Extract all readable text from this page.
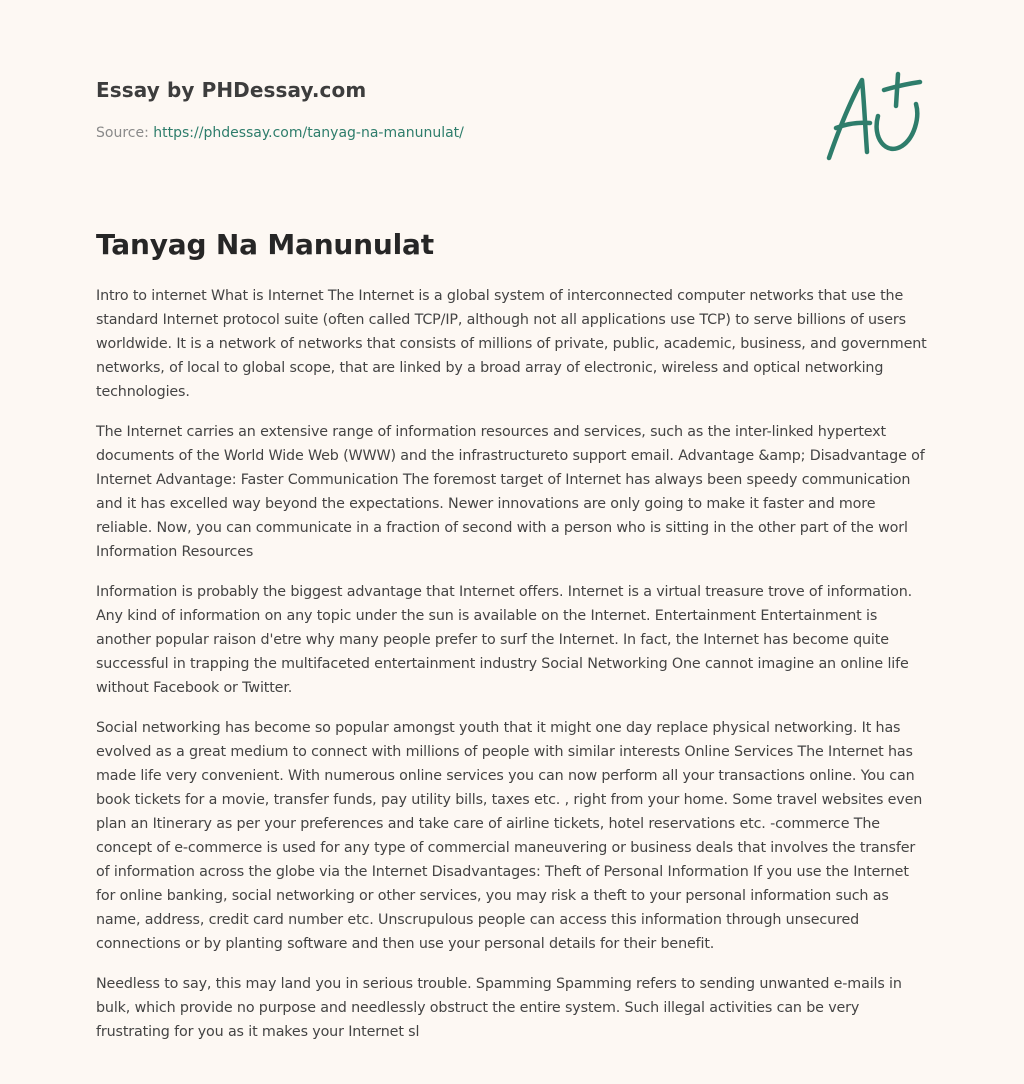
Essay by PHDessay.com
Source: https://phdessay.com/tanyag-na-manunulat/
Tanyag Na Manunulat

Intro to internet What is Internet The Internet is a global system of interconnected computer networks that use the standard Internet protocol suite (often called TCP/IP, although not all applications use TCP) to serve billions of users worldwide. It is a network of networks that consists of millions of private, public, academic, business, and government networks, of local to global scope, that are linked by a broad array of electronic, wireless and optical networking technologies.

The Internet carries an extensive range of information resources and services, such as the inter-linked hypertext documents of the World Wide Web (WWW) and the infrastructureto support email. Advantage &amp; Disadvantage of Internet Advantage: Faster Communication The foremost target of Internet has always been speedy communication and it has excelled way beyond the expectations. Newer innovations are only going to make it faster and more reliable. Now, you can communicate in a fraction of second with a person who is sitting in the other part of the worl Information Resources

Information is probably the biggest advantage that Internet offers. Internet is a virtual treasure trove of information. Any kind of information on any topic under the sun is available on the Internet. Entertainment Entertainment is another popular raison d'etre why many people prefer to surf the Internet. In fact, the Internet has become quite successful in trapping the multifaceted entertainment industry Social Networking One cannot imagine an online life without Facebook or Twitter.

Social networking has become so popular amongst youth that it might one day replace physical networking. It has evolved as a great medium to connect with millions of people with similar interests Online Services The Internet has made life very convenient. With numerous online services you can now perform all your transactions online. You can book tickets for a movie, transfer funds, pay utility bills, taxes etc. , right from your home. Some travel websites even plan an Itinerary as per your preferences and take care of airline tickets, hotel reservations etc. -commerce The concept of e-commerce is used for any type of commercial maneuvering or business deals that involves the transfer of information across the globe via the Internet Disadvantages: Theft of Personal Information If you use the Internet for online banking, social networking or other services, you may risk a theft to your personal information such as name, address, credit card number etc. Unscrupulous people can access this information through unsecured connections or by planting software and then use your personal details for their benefit.

Needless to say, this may land you in serious trouble. Spamming Spamming refers to sending unwanted e-mails in bulk, which provide no purpose and needlessly obstruct the entire system. Such illegal activities can be very frustrating for you as it makes your Internet sl
